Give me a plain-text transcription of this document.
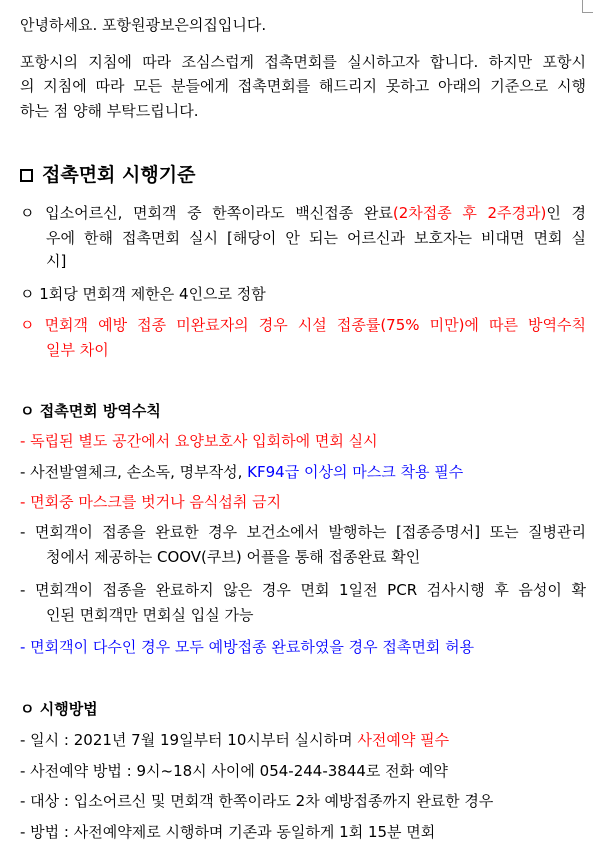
안녕하세요. 포항원광보은의집입니다.
포항시의 지침에 따라 조심스럽게 접촉면회를 실시하고자 합니다. 하지만 포항시
의 지침에 따라 모든 분들에게 접촉면회를 해드리지 못하고 아래의 기준으로 시행
하는 점 양해 부탁드립니다.
접촉면회 시행기준
ㅇ 입소어르신, 면회객 중 한쪽이라도 백신접종 완료(2차접종 후 2주경과)인 경
우에 한해 접촉면회 실시 [해당이 안 되는 어르신과 보호자는 비대면 면회 실
시]
ㅇ 1회당 면회객 제한은 4인으로 정함
ㅇ 면회객 예방 접종 미완료자의 경우 시설 접종률(75% 미만)에 따른 방역수칙
일부 차이
ㅇ 접촉면회 방역수칙
- 독립된 별도 공간에서 요양보호사 입회하에 면회 실시
- 사전발열체크, 손소독, 명부작성, KF94급 이상의 마스크 착용 필수
- 면회중 마스크를 벗거나 음식섭취 금지
- 면회객이 접종을 완료한 경우 보건소에서 발행하는 [접종증명서] 또는 질병관리
청에서 제공하는 COOV(쿠브) 어플을 통해 접종완료 확인
- 면회객이 접종을 완료하지 않은 경우 면회 1일전 PCR 검사시행 후 음성이 확
인된 면회객만 면회실 입실 가능
- 면회객이 다수인 경우 모두 예방접종 완료하였을 경우 접촉면회 허용
ㅇ 시행방법
- 일시 : 2021년 7월 19일부터 10시부터 실시하며 사전예약 필수
- 사전예약 방법 : 9시~18시 사이에 054-244-3844로 전화 예약
- 대상 : 입소어르신 및 면회객 한쪽이라도 2차 예방접종까지 완료한 경우
- 방법 : 사전예약제로 시행하며 기존과 동일하게 1회 15분 면회
